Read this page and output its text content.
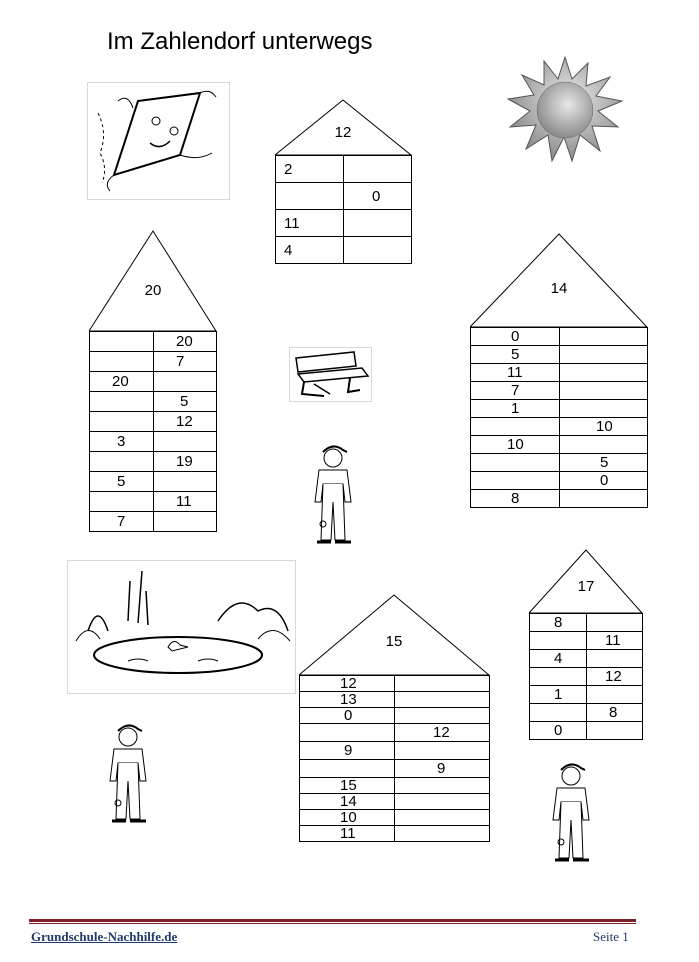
Im Zahlendorf unterwegs
12
2	
	0
11	
4	
20
	20
	7
20	
	5
	12
3	
	19
5	
	11
7	
14
0	
5	
11	
7	
1	
	10
10	
	5
	0
8	
15
12	
13	
0	
	12
9	
	9
15	
14	
10	
11	
17
8	
	11
4	
	12
1	
	8
0	
Grundschule-Nachhilfe.de	Seite 1
